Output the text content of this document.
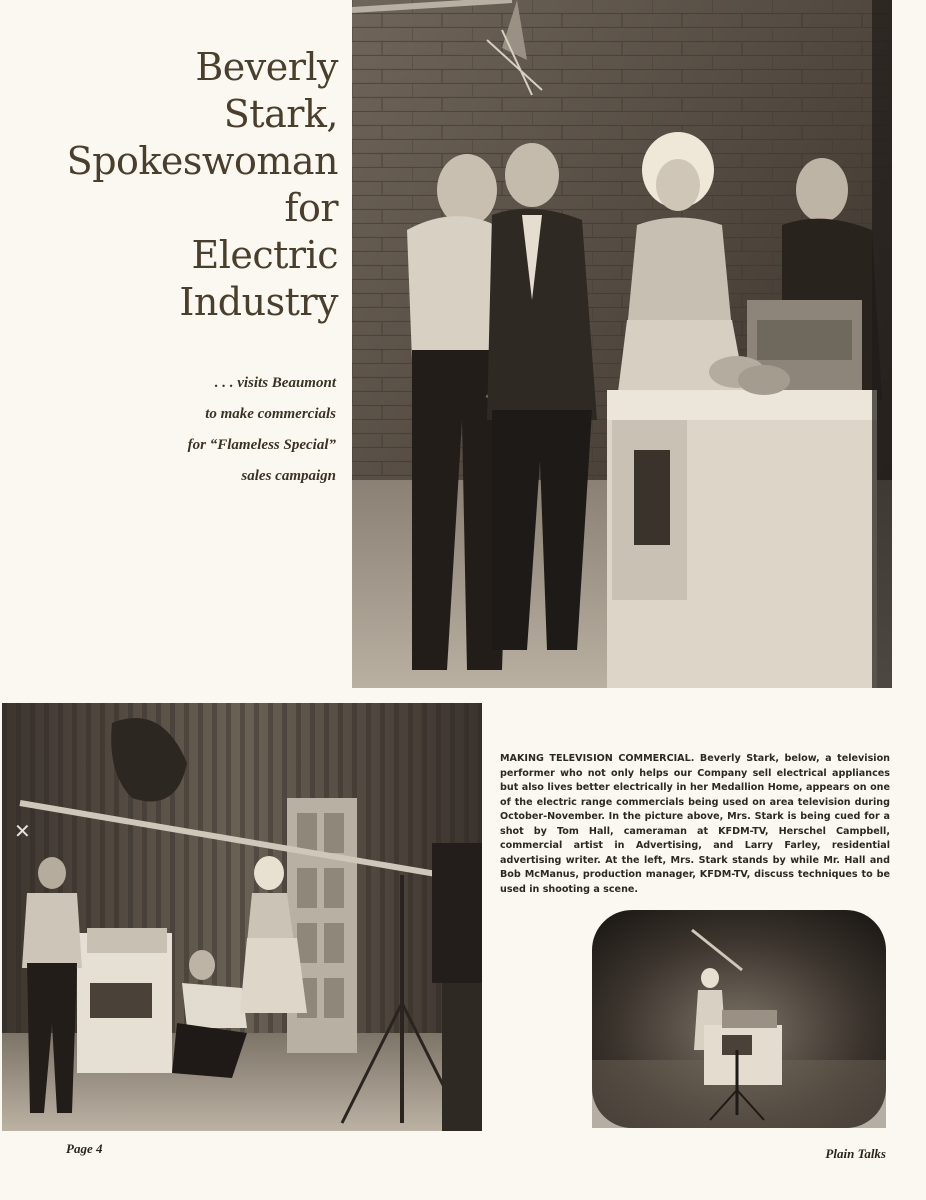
Beverly
Stark,
Spokeswoman
for
Electric
Industry
. . . visits Beaumont
to make commercials
for “Flameless Special”
sales campaign
✕
MAKING TELEVISION COMMERCIAL. Beverly Stark, below, a television performer who not only helps our Company sell electrical appliances but also lives better electrically in her Medallion Home, appears on one of the electric range commercials being used on area television during October-November. In the picture above, Mrs. Stark is being cued for a shot by Tom Hall, cameraman at KFDM-TV, Herschel Campbell, commercial artist in Advertising, and Larry Farley, residential advertising writer. At the left, Mrs. Stark stands by while Mr. Hall and Bob McManus, production manager, KFDM-TV, discuss techniques to be used in shooting a scene.
Page 4	Plain Talks
